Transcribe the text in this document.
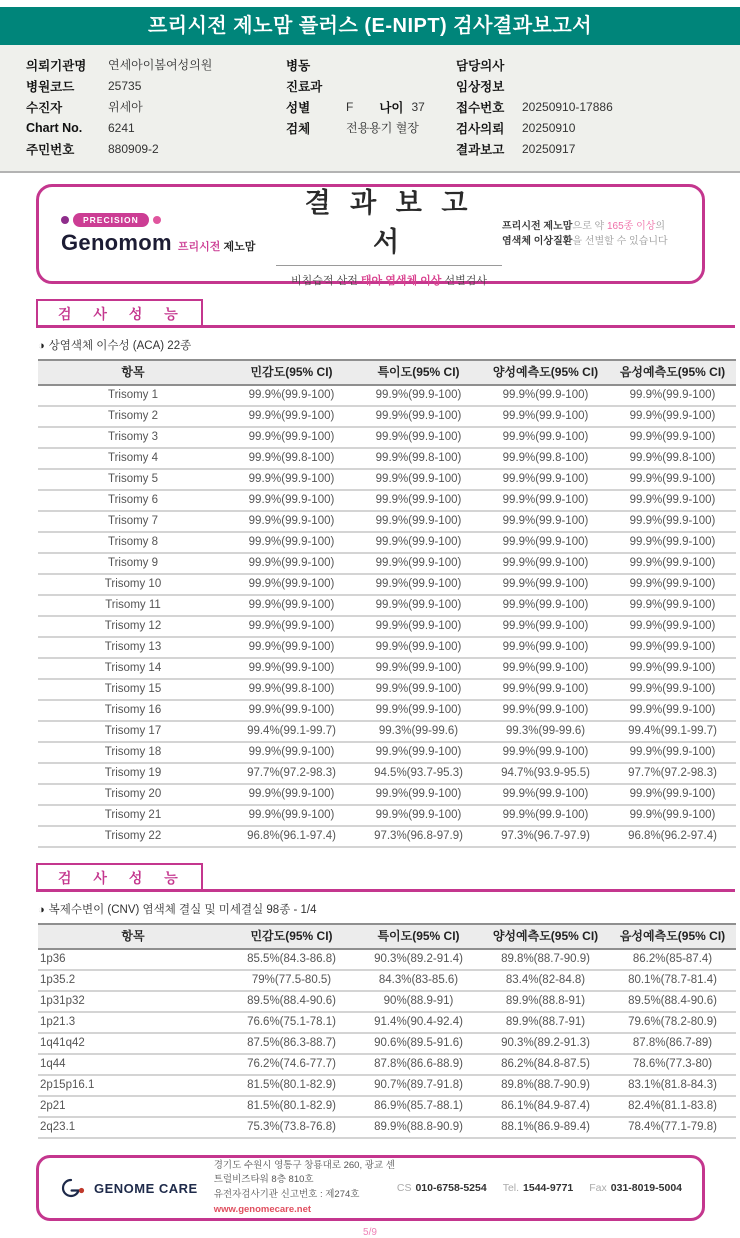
프리시전 제노맘 플러스 (E-NIPT) 검사결과보고서
의뢰기관명	연세아이봄여성의원
병원코드	25735
수진자	위세아
Chart No.	6241
주민번호	880909-2
병동
진료과
성별	F 나이 37
검체	전용용기 혈장
담당의사
임상정보
접수번호	20250910-17886
검사의뢰	20250910
결과보고	20250917
PRECISION
Genomom 프리시전 제노맘
결 과 보 고 서
비침습적 산전 태아 염색체 이상 선별검사
프리시전 제노맘으로 약 165종 이상의
염색체 이상질환을 선별할 수 있습니다
검 사 성 능
◑ 상염색체 이수성 (ACA) 22종
항목	민감도(95% CI)	특이도(95% CI)	양성예측도(95% CI)	음성예측도(95% CI)
Trisomy 1	99.9%(99.9-100)	99.9%(99.9-100)	99.9%(99.9-100)	99.9%(99.9-100)
Trisomy 2	99.9%(99.9-100)	99.9%(99.9-100)	99.9%(99.9-100)	99.9%(99.9-100)
Trisomy 3	99.9%(99.9-100)	99.9%(99.9-100)	99.9%(99.9-100)	99.9%(99.9-100)
Trisomy 4	99.9%(99.8-100)	99.9%(99.8-100)	99.9%(99.8-100)	99.9%(99.8-100)
Trisomy 5	99.9%(99.9-100)	99.9%(99.9-100)	99.9%(99.9-100)	99.9%(99.9-100)
Trisomy 6	99.9%(99.9-100)	99.9%(99.9-100)	99.9%(99.9-100)	99.9%(99.9-100)
Trisomy 7	99.9%(99.9-100)	99.9%(99.9-100)	99.9%(99.9-100)	99.9%(99.9-100)
Trisomy 8	99.9%(99.9-100)	99.9%(99.9-100)	99.9%(99.9-100)	99.9%(99.9-100)
Trisomy 9	99.9%(99.9-100)	99.9%(99.9-100)	99.9%(99.9-100)	99.9%(99.9-100)
Trisomy 10	99.9%(99.9-100)	99.9%(99.9-100)	99.9%(99.9-100)	99.9%(99.9-100)
Trisomy 11	99.9%(99.9-100)	99.9%(99.9-100)	99.9%(99.9-100)	99.9%(99.9-100)
Trisomy 12	99.9%(99.9-100)	99.9%(99.9-100)	99.9%(99.9-100)	99.9%(99.9-100)
Trisomy 13	99.9%(99.9-100)	99.9%(99.9-100)	99.9%(99.9-100)	99.9%(99.9-100)
Trisomy 14	99.9%(99.9-100)	99.9%(99.9-100)	99.9%(99.9-100)	99.9%(99.9-100)
Trisomy 15	99.9%(99.8-100)	99.9%(99.9-100)	99.9%(99.9-100)	99.9%(99.9-100)
Trisomy 16	99.9%(99.9-100)	99.9%(99.9-100)	99.9%(99.9-100)	99.9%(99.9-100)
Trisomy 17	99.4%(99.1-99.7)	99.3%(99-99.6)	99.3%(99-99.6)	99.4%(99.1-99.7)
Trisomy 18	99.9%(99.9-100)	99.9%(99.9-100)	99.9%(99.9-100)	99.9%(99.9-100)
Trisomy 19	97.7%(97.2-98.3)	94.5%(93.7-95.3)	94.7%(93.9-95.5)	97.7%(97.2-98.3)
Trisomy 20	99.9%(99.9-100)	99.9%(99.9-100)	99.9%(99.9-100)	99.9%(99.9-100)
Trisomy 21	99.9%(99.9-100)	99.9%(99.9-100)	99.9%(99.9-100)	99.9%(99.9-100)
Trisomy 22	96.8%(96.1-97.4)	97.3%(96.8-97.9)	97.3%(96.7-97.9)	96.8%(96.2-97.4)
검 사 성 능
◑ 복제수변이 (CNV) 염색체 결실 및 미세결실 98종 - 1/4
항목	민감도(95% CI)	특이도(95% CI)	양성예측도(95% CI)	음성예측도(95% CI)
1p36	85.5%(84.3-86.8)	90.3%(89.2-91.4)	89.8%(88.7-90.9)	86.2%(85-87.4)
1p35.2	79%(77.5-80.5)	84.3%(83-85.6)	83.4%(82-84.8)	80.1%(78.7-81.4)
1p31p32	89.5%(88.4-90.6)	90%(88.9-91)	89.9%(88.8-91)	89.5%(88.4-90.6)
1p21.3	76.6%(75.1-78.1)	91.4%(90.4-92.4)	89.9%(88.7-91)	79.6%(78.2-80.9)
1q41q42	87.5%(86.3-88.7)	90.6%(89.5-91.6)	90.3%(89.2-91.3)	87.8%(86.7-89)
1q44	76.2%(74.6-77.7)	87.8%(86.6-88.9)	86.2%(84.8-87.5)	78.6%(77.3-80)
2p15p16.1	81.5%(80.1-82.9)	90.7%(89.7-91.8)	89.8%(88.7-90.9)	83.1%(81.8-84.3)
2p21	81.5%(80.1-82.9)	86.9%(85.7-88.1)	86.1%(84.9-87.4)	82.4%(81.1-83.8)
2q23.1	75.3%(73.8-76.8)	89.9%(88.8-90.9)	88.1%(86.9-89.4)	78.4%(77.1-79.8)
GENOME CARE
경기도 수원시 영통구 창룡대로 260, 광교 센트럴비즈타워 8층 810호
유전자검사기관 신고번호 : 제274호
www.genomecare.net
CS 010-6758-5254 Tel. 1544-9771 Fax 031-8019-5004
5/9
